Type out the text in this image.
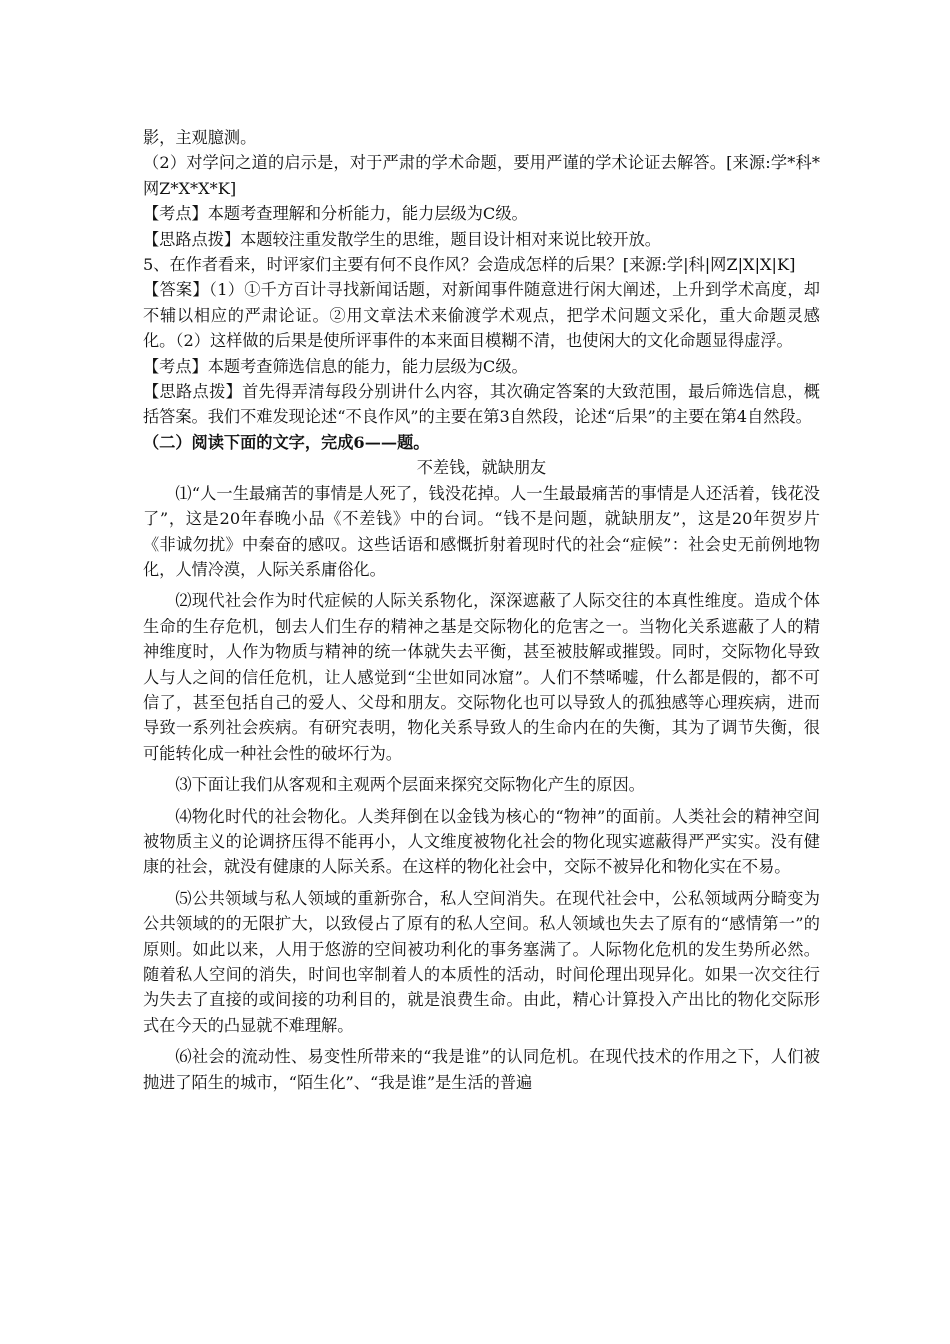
影，主观臆测。

（2）对学问之道的启示是，对于严肃的学术命题，要用严谨的学术论证去解答。[来源:学*科*网Z*X*X*K]

【考点】本题考查理解和分析能力，能力层级为C级。

【思路点拨】本题较注重发散学生的思维，题目设计相对来说比较开放。

5、在作者看来，时评家们主要有何不良作风？会造成怎样的后果？[来源:学|科|网Z|X|X|K]

【答案】（1）①千方百计寻找新闻话题，对新闻事件随意进行闲大阐述，上升到学术高度，却不辅以相应的严肃论证。②用文章法术来偷渡学术观点，把学术问题文采化，重大命题灵感化。（2）这样做的后果是使所评事件的本来面目模糊不清，也使闲大的文化命题显得虚浮。

【考点】本题考查筛选信息的能力，能力层级为C级。

【思路点拨】首先得弄清每段分别讲什么内容，其次确定答案的大致范围，最后筛选信息，概括答案。我们不难发现论述“不良作风”的主要在第3自然段，论述“后果”的主要在第4自然段。

（二）阅读下面的文字，完成6——题。

不差钱，就缺朋友

⑴“人一生最痛苦的事情是人死了，钱没花掉。人一生最最痛苦的事情是人还活着，钱花没了”，这是20年春晚小品《不差钱》中的台词。“钱不是问题，就缺朋友”，这是20年贺岁片《非诚勿扰》中秦奋的感叹。这些话语和感慨折射着现时代的社会“症候”：社会史无前例地物化，人情冷漠，人际关系庸俗化。

⑵现代社会作为时代症候的人际关系物化，深深遮蔽了人际交往的本真性维度。造成个体生命的生存危机，刨去人们生存的精神之基是交际物化的危害之一。当物化关系遮蔽了人的精神维度时，人作为物质与精神的统一体就失去平衡，甚至被肢解或摧毁。同时，交际物化导致人与人之间的信任危机，让人感觉到“尘世如同冰窟”。人们不禁唏嘘，什么都是假的，都不可信了，甚至包括自己的爱人、父母和朋友。交际物化也可以导致人的孤独感等心理疾病，进而导致一系列社会疾病。有研究表明，物化关系导致人的生命内在的失衡，其为了调节失衡，很可能转化成一种社会性的破坏行为。

⑶下面让我们从客观和主观两个层面来探究交际物化产生的原因。

⑷物化时代的社会物化。人类拜倒在以金钱为核心的“物神”的面前。人类社会的精神空间被物质主义的论调挤压得不能再小，人文维度被物化社会的物化现实遮蔽得严严实实。没有健康的社会，就没有健康的人际关系。在这样的物化社会中，交际不被异化和物化实在不易。

⑸公共领域与私人领域的重新弥合，私人空间消失。在现代社会中，公私领域两分畸变为公共领域的的无限扩大，以致侵占了原有的私人空间。私人领域也失去了原有的“感情第一”的原则。如此以来，人用于悠游的空间被功利化的事务塞满了。人际物化危机的发生势所必然。随着私人空间的消失，时间也宰制着人的本质性的活动，时间伦理出现异化。如果一次交往行为失去了直接的或间接的功利目的，就是浪费生命。由此，精心计算投入产出比的物化交际形式在今天的凸显就不难理解。

⑹社会的流动性、易变性所带来的“我是谁”的认同危机。在现代技术的作用之下，人们被抛进了陌生的城市，“陌生化”、“我是谁”是生活的普遍
